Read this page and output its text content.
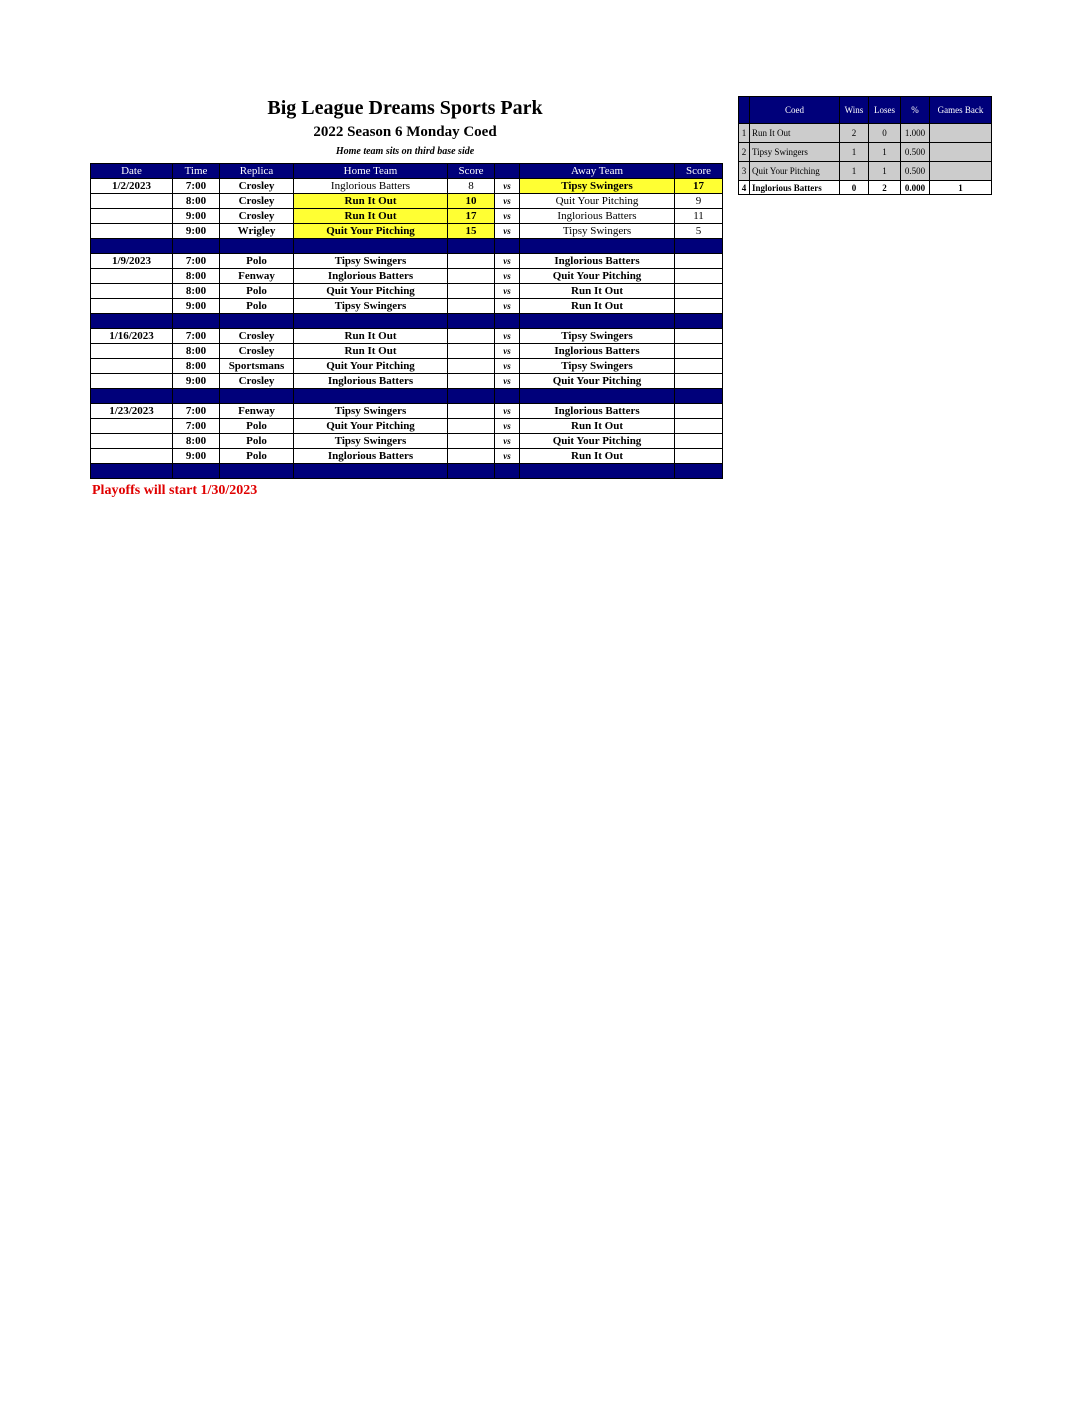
Big League Dreams Sports Park
2022 Season 6 Monday Coed
Home team sits on third base side
Date	Time	Replica	Home Team	Score		Away Team	Score
1/2/2023	7:00	Crosley	Inglorious Batters	8	vs	Tipsy Swingers	17
	8:00	Crosley	Run It Out	10	vs	Quit Your Pitching	9
	9:00	Crosley	Run It Out	17	vs	Inglorious Batters	11
	9:00	Wrigley	Quit Your Pitching	15	vs	Tipsy Swingers	5

1/9/2023	7:00	Polo	Tipsy Swingers		vs	Inglorious Batters	
	8:00	Fenway	Inglorious Batters		vs	Quit Your Pitching	
	8:00	Polo	Quit Your Pitching		vs	Run It Out	
	9:00	Polo	Tipsy Swingers		vs	Run It Out	

1/16/2023	7:00	Crosley	Run It Out		vs	Tipsy Swingers	
	8:00	Crosley	Run It Out		vs	Inglorious Batters	
	8:00	Sportsmans	Quit Your Pitching		vs	Tipsy Swingers	
	9:00	Crosley	Inglorious Batters		vs	Quit Your Pitching	

1/23/2023	7:00	Fenway	Tipsy Swingers		vs	Inglorious Batters	
	7:00	Polo	Quit Your Pitching		vs	Run It Out	
	8:00	Polo	Tipsy Swingers		vs	Quit Your Pitching	
	9:00	Polo	Inglorious Batters		vs	Run It Out	

	Coed	Wins	Loses	%	Games Back
1	Run It Out	2	0	1.000	
2	Tipsy Swingers	1	1	0.500	
3	Quit Your Pitching	1	1	0.500	
4	Inglorious Batters	0	2	0.000	1
Playoffs will start 1/30/2023
